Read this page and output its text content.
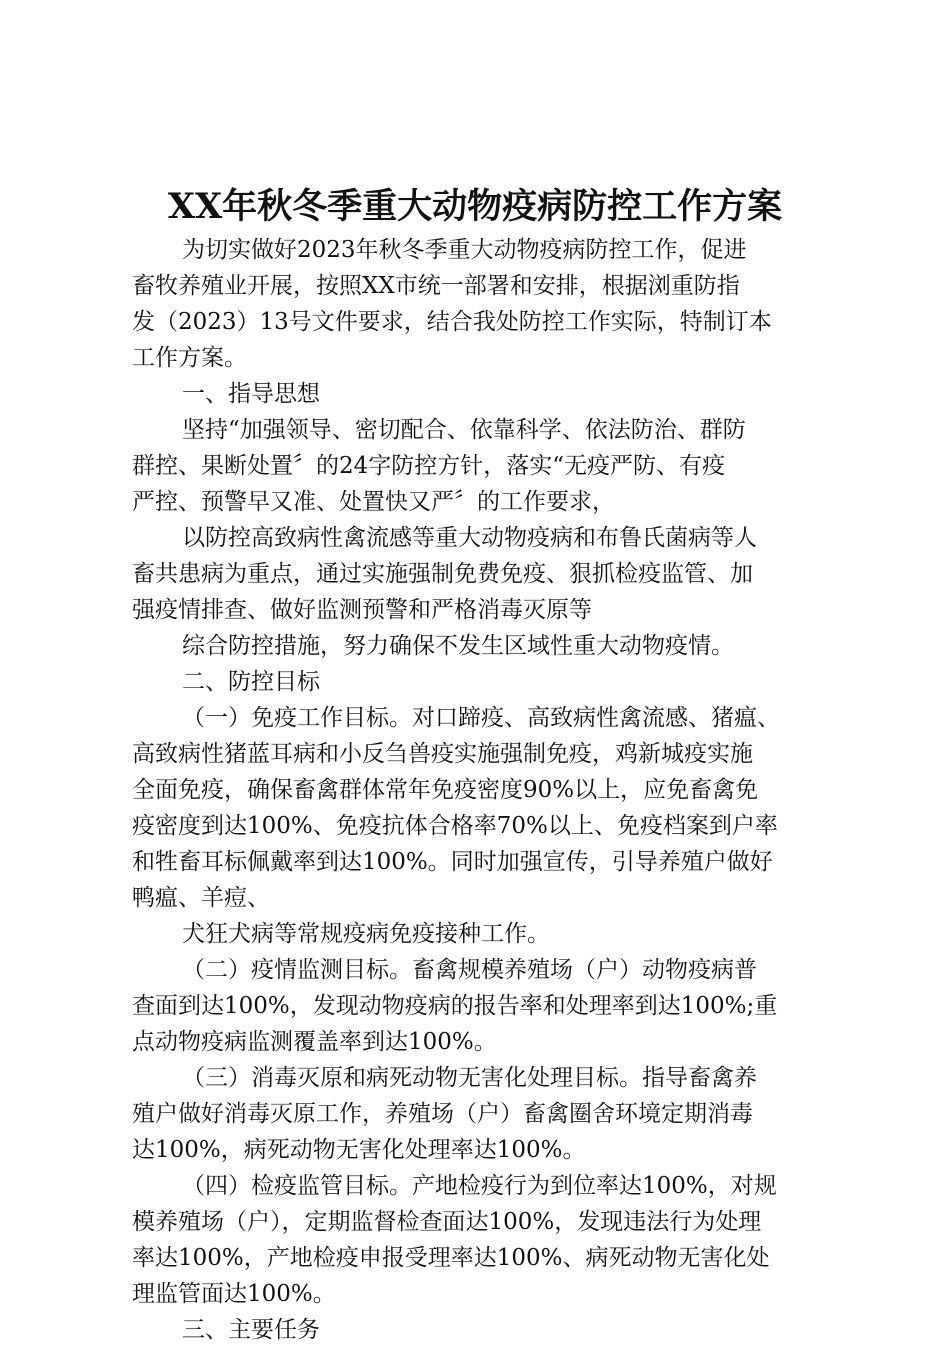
XX年秋冬季重大动物疫病防控工作方案
为切实做好2023年秋冬季重大动物疫病防控工作，促进
畜牧养殖业开展，按照XX市统一部署和安排，根据浏重防指
发（2023）13号文件要求，结合我处防控工作实际，特制订本
工作方案。
一、指导思想
坚持“加强领导、密切配合、依靠科学、依法防治、群防
群控、果断处置〞的24字防控方针，落实“无疫严防、有疫
严控、预警早又准、处置快又严〞的工作要求，
以防控高致病性禽流感等重大动物疫病和布鲁氏菌病等人
畜共患病为重点，通过实施强制免费免疫、狠抓检疫监管、加
强疫情排查、做好监测预警和严格消毒灭原等
综合防控措施，努力确保不发生区域性重大动物疫情。
二、防控目标
（一）免疫工作目标。对口蹄疫、高致病性禽流感、猪瘟、
高致病性猪蓝耳病和小反刍兽疫实施强制免疫，鸡新城疫实施
全面免疫，确保畜禽群体常年免疫密度90%以上，应免畜禽免
疫密度到达100%、免疫抗体合格率70%以上、免疫档案到户率
和牲畜耳标佩戴率到达100%。同时加强宣传，引导养殖户做好
鸭瘟、羊痘、
犬狂犬病等常规疫病免疫接种工作。
（二）疫情监测目标。畜禽规模养殖场（户）动物疫病普
查面到达100%，发现动物疫病的报告率和处理率到达100%;重
点动物疫病监测覆盖率到达100%。
（三）消毒灭原和病死动物无害化处理目标。指导畜禽养
殖户做好消毒灭原工作，养殖场（户）畜禽圈舍环境定期消毒
达100%，病死动物无害化处理率达100%。
（四）检疫监管目标。产地检疫行为到位率达100%，对规
模养殖场（户），定期监督检查面达100%，发现违法行为处理
率达100%，产地检疫申报受理率达100%、病死动物无害化处
理监管面达100%。
三、主要任务
